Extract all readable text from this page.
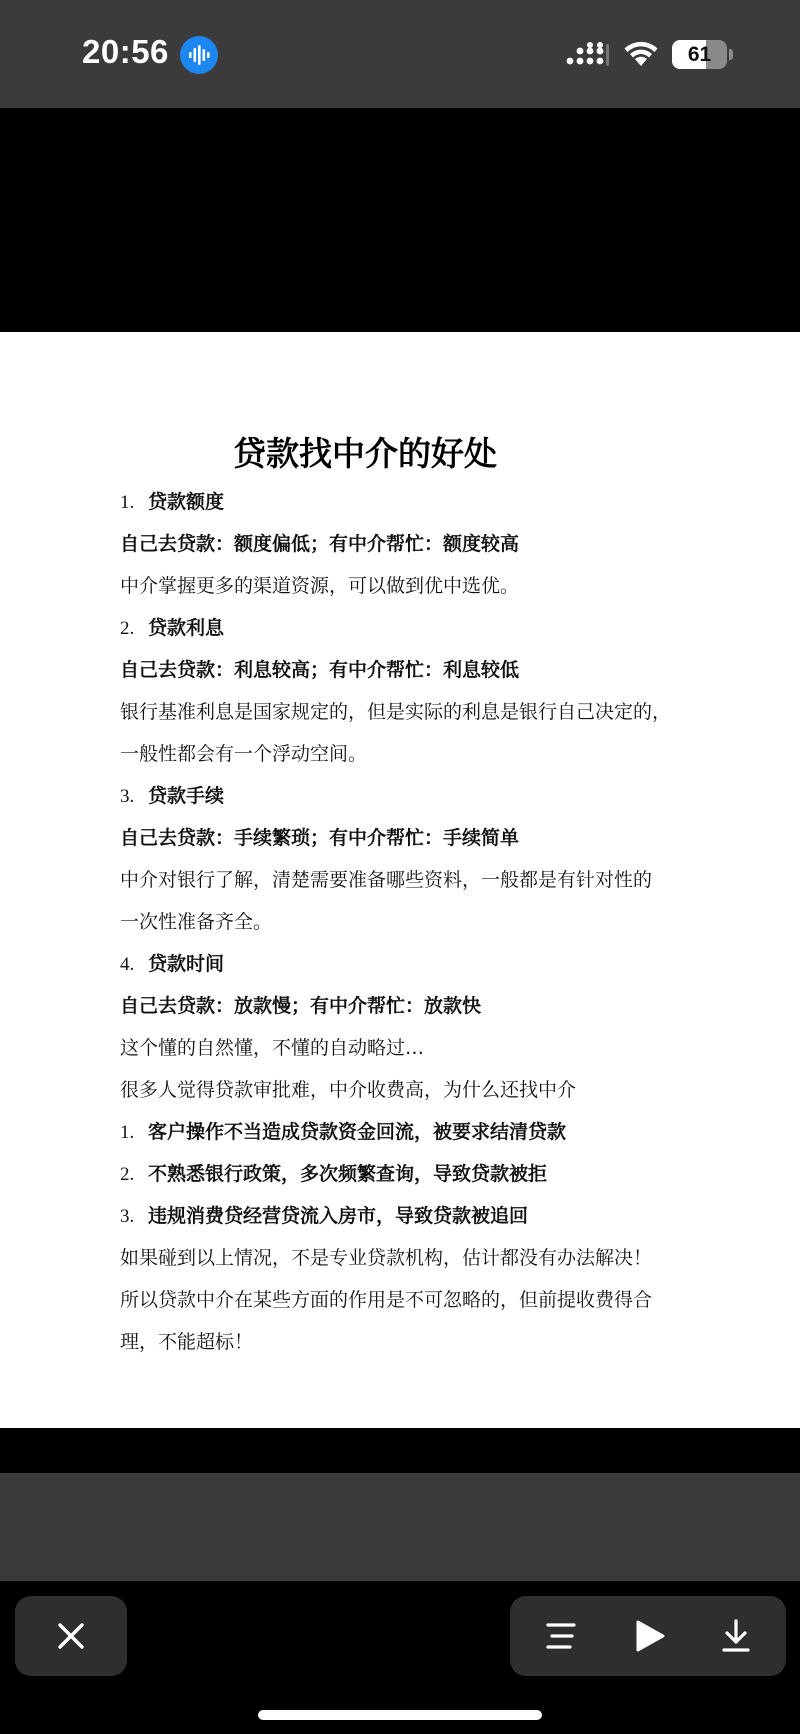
20:56	61
贷款找中介的好处
1. 贷款额度
自己去贷款：额度偏低；有中介帮忙：额度较高
中介掌握更多的渠道资源，可以做到优中选优。
2. 贷款利息
自己去贷款：利息较高；有中介帮忙：利息较低
银行基准利息是国家规定的，但是实际的利息是银行自己决定的，
一般性都会有一个浮动空间。
3. 贷款手续
自己去贷款：手续繁琐；有中介帮忙：手续简单
中介对银行了解，清楚需要准备哪些资料，一般都是有针对性的
一次性准备齐全。
4. 贷款时间
自己去贷款：放款慢；有中介帮忙：放款快
这个懂的自然懂，不懂的自动略过…
很多人觉得贷款审批难，中介收费高，为什么还找中介
1. 客户操作不当造成贷款资金回流，被要求结清贷款
2. 不熟悉银行政策，多次频繁查询，导致贷款被拒
3. 违规消费贷经营贷流入房市，导致贷款被追回
如果碰到以上情况，不是专业贷款机构，估计都没有办法解决！
所以贷款中介在某些方面的作用是不可忽略的，但前提收费得合
理，不能超标！
